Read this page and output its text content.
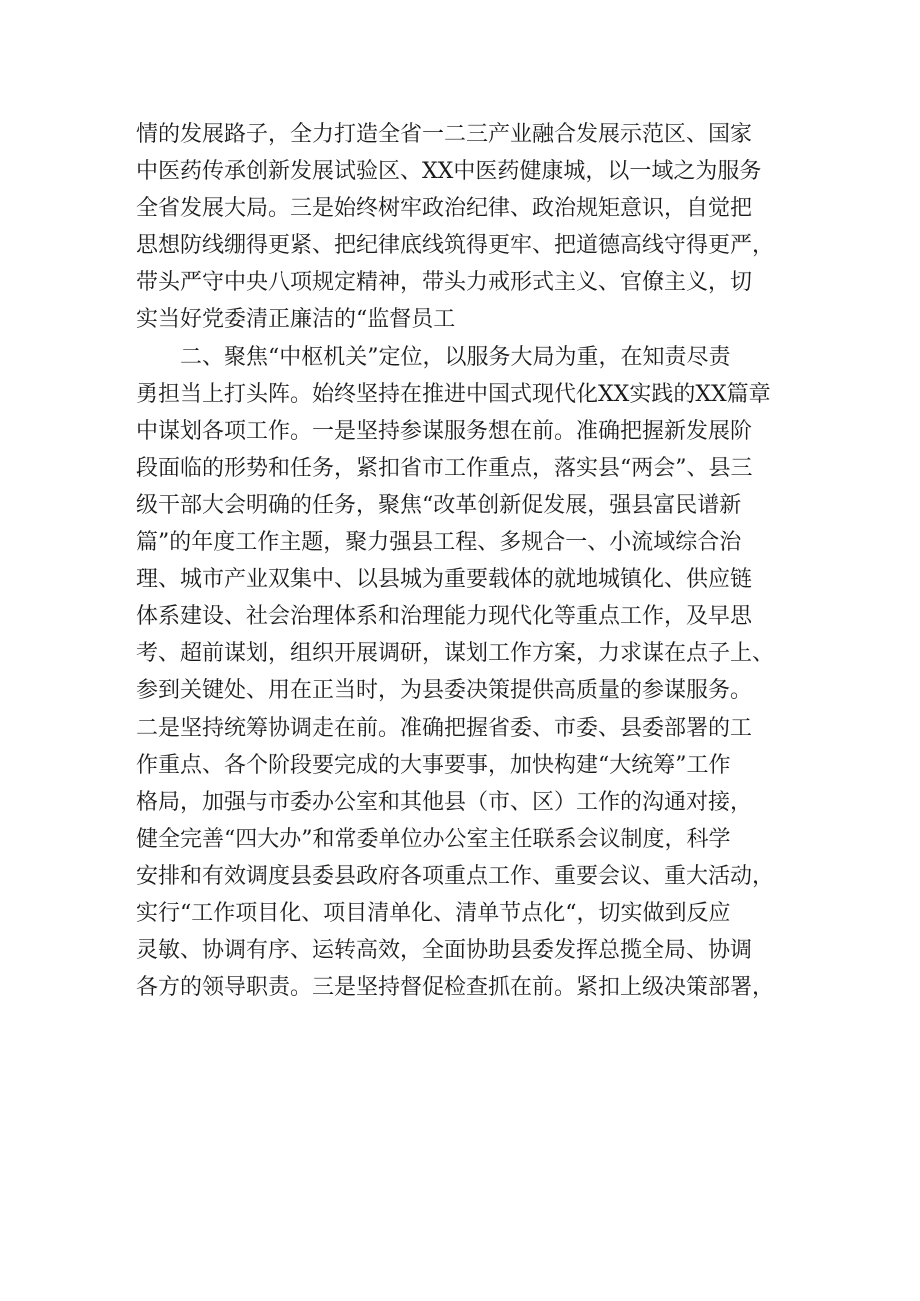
情的发展路子，全力打造全省一二三产业融合发展示范区、国家
中医药传承创新发展试验区、XX中医药健康城，以一域之为服务
全省发展大局。三是始终树牢政治纪律、政治规矩意识，自觉把
思想防线绷得更紧、把纪律底线筑得更牢、把道德高线守得更严，
带头严守中央八项规定精神，带头力戒形式主义、官僚主义，切
实当好党委清正廉洁的“监督员工
二、聚焦“中枢机关”定位，以服务大局为重，在知责尽责
勇担当上打头阵。始终坚持在推进中国式现代化XX实践的XX篇章
中谋划各项工作。一是坚持参谋服务想在前。准确把握新发展阶
段面临的形势和任务，紧扣省市工作重点，落实县“两会”、县三
级干部大会明确的任务，聚焦“改革创新促发展，强县富民谱新
篇”的年度工作主题，聚力强县工程、多规合一、小流域综合治
理、城市产业双集中、以县城为重要载体的就地城镇化、供应链
体系建设、社会治理体系和治理能力现代化等重点工作，及早思
考、超前谋划，组织开展调研，谋划工作方案，力求谋在点子上、
参到关键处、用在正当时，为县委决策提供高质量的参谋服务。
二是坚持统筹协调走在前。准确把握省委、市委、县委部署的工
作重点、各个阶段要完成的大事要事，加快构建“大统筹”工作
格局，加强与市委办公室和其他县（市、区）工作的沟通对接，
健全完善“四大办”和常委单位办公室主任联系会议制度，科学
安排和有效调度县委县政府各项重点工作、重要会议、重大活动，
实行“工作项目化、项目清单化、清单节点化“，切实做到反应
灵敏、协调有序、运转高效，全面协助县委发挥总揽全局、协调
各方的领导职责。三是坚持督促检查抓在前。紧扣上级决策部署，
